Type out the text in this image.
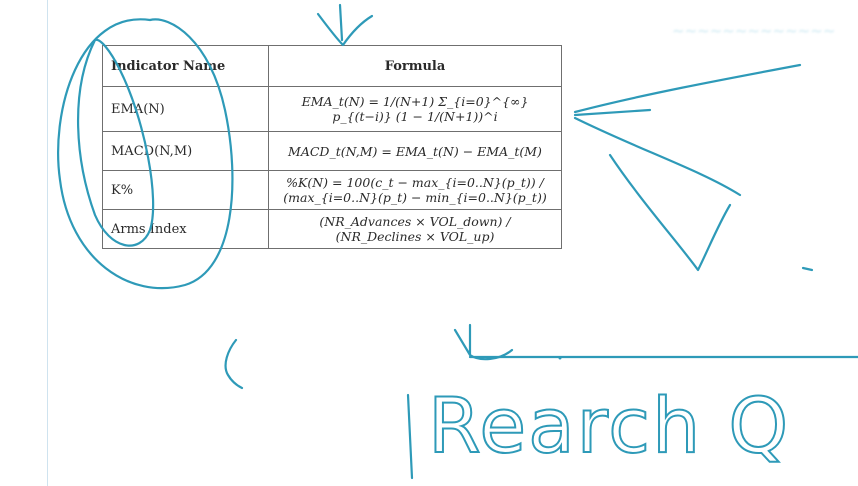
~~~~~~~~~~~~~
Indicator Name	Formula
EMA(N)	EMA_t(N) = 1/(N+1) Σ_{i=0}^{∞} p_{(t−i)} (1 − 1/(N+1))^i
MACD(N,M)	MACD_t(N,M) = EMA_t(N) − EMA_t(M)
K%	%K(N) = 100(c_t − max_{i=0..N}(p_t)) / (max_{i=0..N}(p_t) − min_{i=0..N}(p_t))
Arms Index	(NR_Advances × VOL_down) / (NR_Declines × VOL_up)
Rearch Q
